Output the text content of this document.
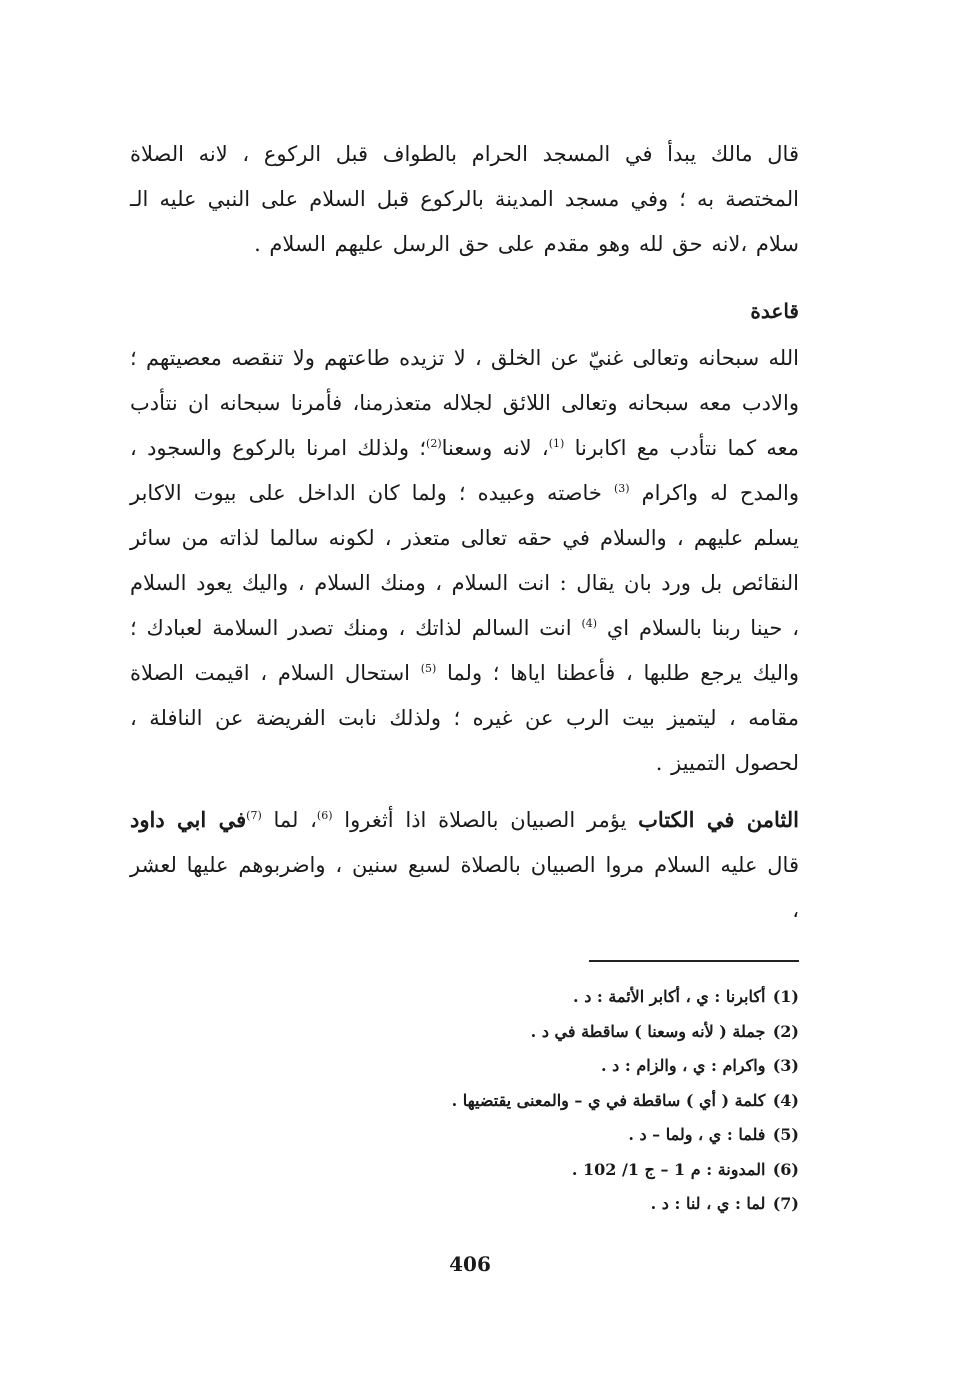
قال مالك يبدأ في المسجد الحرام بالطواف قبل الركوع ، لانه الصلاة المختصة به ؛ وفي مسجد المدينة بالركوع قبل السلام على النبي عليه الـ سلام ،لانه حق لله وهو مقدم على حق الرسل عليهم السلام .

قاعدة

الله سبحانه وتعالى غنيّ عن الخلق ، لا تزيده طاعتهم ولا تنقصه معصيتهم ؛ والادب معه سبحانه وتعالى اللائق لجلاله متعذرمنا، فأمرنا سبحانه ان نتأدب معه كما نتأدب مع اكابرنا $^{(1)}$، لانه وسعنا$^{(2)}$؛ ولذلك امرنا بالركوع والسجود ، والمدح له واكرام $^{(3)}$ خاصته وعبيده ؛ ولما كان الداخل على بيوت الاكابر يسلم عليهم ، والسلام في حقه تعالى متعذر ، لكونه سالما لذاته من سائر النقائص بل ورد بان يقال : انت السلام ، ومنك السلام ، واليك يعود السلام ، حينا ربنا بالسلام اي $^{(4)}$ انت السالم لذاتك ، ومنك تصدر السلامة لعبادك ؛ واليك يرجع طلبها ، فأعطنا اياها ؛ ولما $^{(5)}$ استحال السلام ، اقيمت الصلاة مقامه ، ليتميز بيت الرب عن غيره ؛ ولذلك نابت الفريضة عن النافلة ، لحصول التمييز .

الثامن في الكتاب يؤمر الصبيان بالصلاة اذا أثغروا $^{(6)}$، لما $^{(7)}$في ابي داود قال عليه السلام مروا الصبيان بالصلاة لسبع سنين ، واضربوهم عليها لعشر ،

(1) أكابرنا : ي ، أكابر الأئمة : د .
(2) جملة ( لأنه وسعنا ) ساقطة في د .
(3) واكرام : ي ، والزام : د .
(4) كلمة ( أي ) ساقطة في ي – والمعنى يقتضيها .
(5) فلما : ي ، ولما – د .
(6) المدونة : م 1 – ج 1/ 102 .
(7) لما : ي ، لنا : د .
406
